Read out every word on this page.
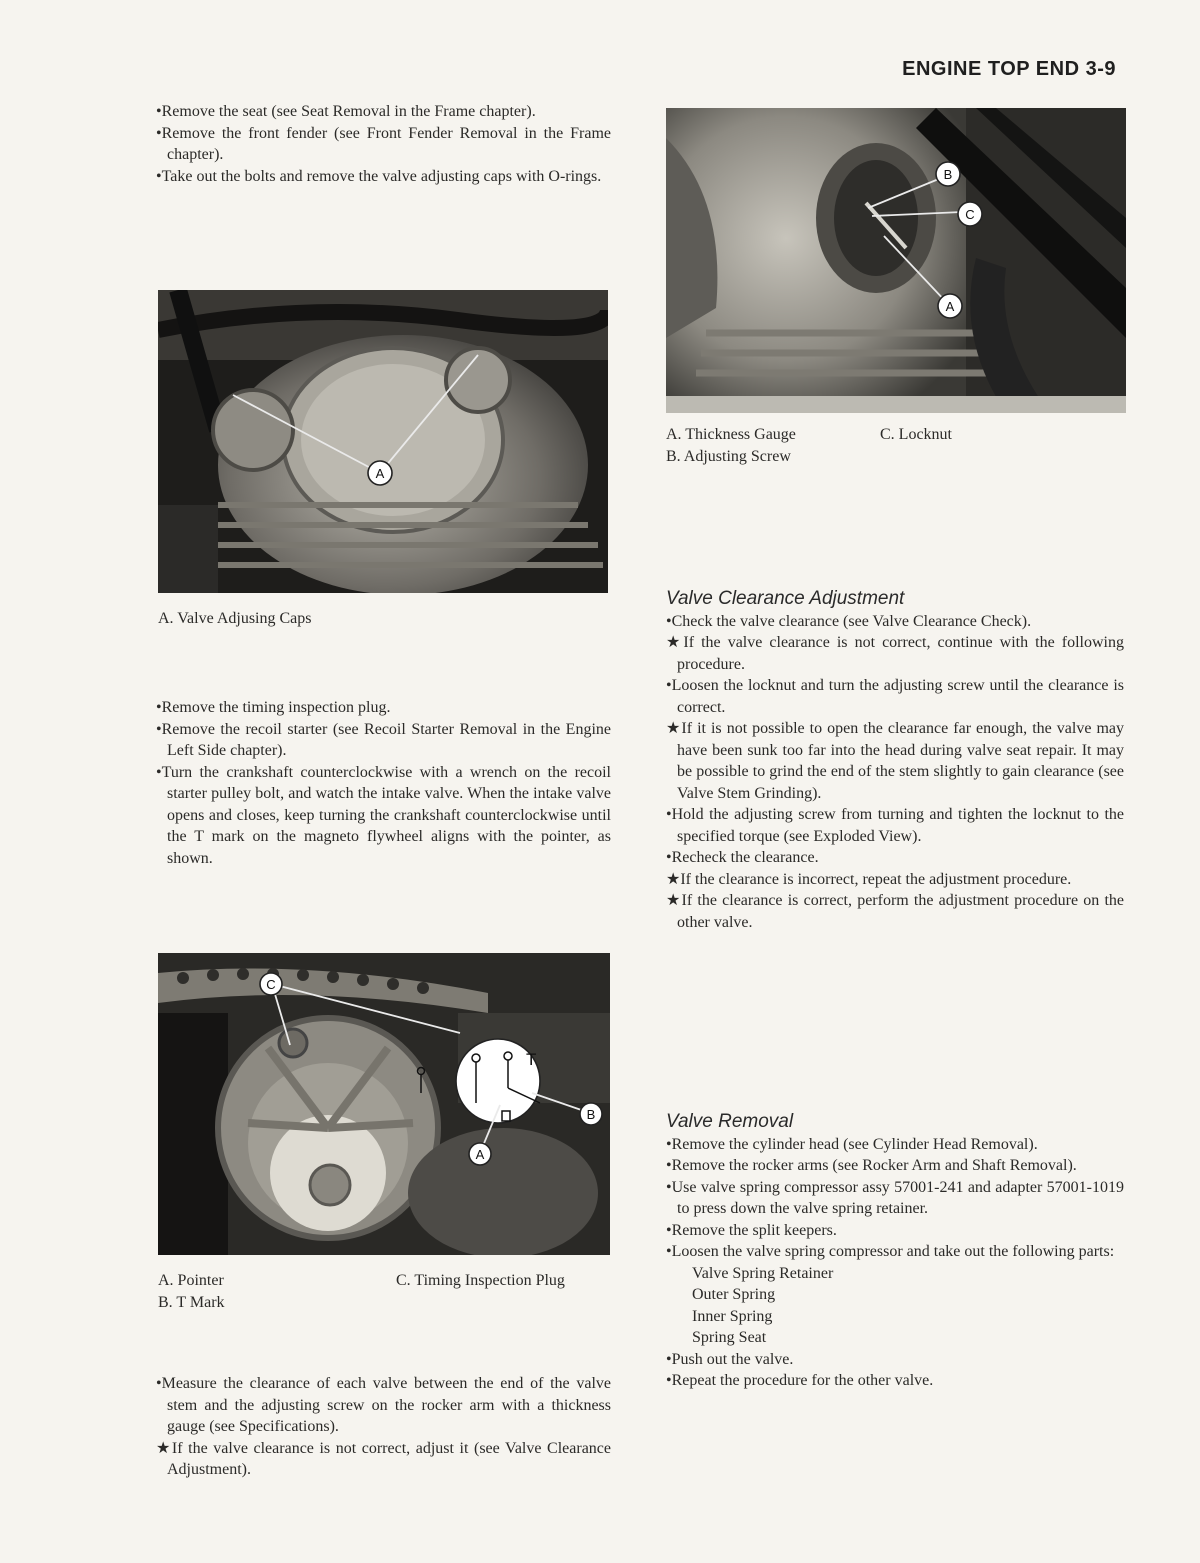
ENGINE TOP END 3-9

•Remove the seat (see Seat Removal in the Frame chapter).

•Remove the front fender (see Front Fender Removal in the Frame chapter).

•Take out the bolts and remove the valve adjusting caps with O-rings.

A
A. Valve Adjusing Caps

•Remove the timing inspection plug.

•Remove the recoil starter (see Recoil Starter Removal in the Engine Left Side chapter).

•Turn the crankshaft counterclockwise with a wrench on the recoil starter pulley bolt, and watch the intake valve. When the intake valve opens and closes, keep turning the crankshaft counterclockwise until the T mark on the magneto flywheel aligns with the pointer, as shown.

T
C
B
A
A. Pointer
B. T Mark
C. Timing Inspection Plug

•Measure the clearance of each valve between the end of the valve stem and the adjusting screw on the rocker arm with a thickness gauge (see Specifications).

★If the valve clearance is not correct, adjust it (see Valve Clearance Adjustment).

B
C
A
A. Thickness Gauge
B. Adjusting Screw
C. Locknut

Valve Clearance Adjustment

•Check the valve clearance (see Valve Clearance Check).

★If the valve clearance is not correct, continue with the following procedure.

•Loosen the locknut and turn the adjusting screw until the clearance is correct.

★If it is not possible to open the clearance far enough, the valve may have been sunk too far into the head during valve seat repair. It may be possible to grind the end of the stem slightly to gain clearance (see Valve Stem Grinding).

•Hold the adjusting screw from turning and tighten the locknut to the specified torque (see Exploded View).

•Recheck the clearance.

★If the clearance is incorrect, repeat the adjustment procedure.

★If the clearance is correct, perform the adjustment procedure on the other valve.

Valve Removal

•Remove the cylinder head (see Cylinder Head Removal).

•Remove the rocker arms (see Rocker Arm and Shaft Removal).

•Use valve spring compressor assy 57001-241 and adapter 57001-1019 to press down the valve spring retainer.

•Remove the split keepers.

•Loosen the valve spring compressor and take out the following parts:

Valve Spring Retainer

Outer Spring

Inner Spring

Spring Seat

•Push out the valve.

•Repeat the procedure for the other valve.
